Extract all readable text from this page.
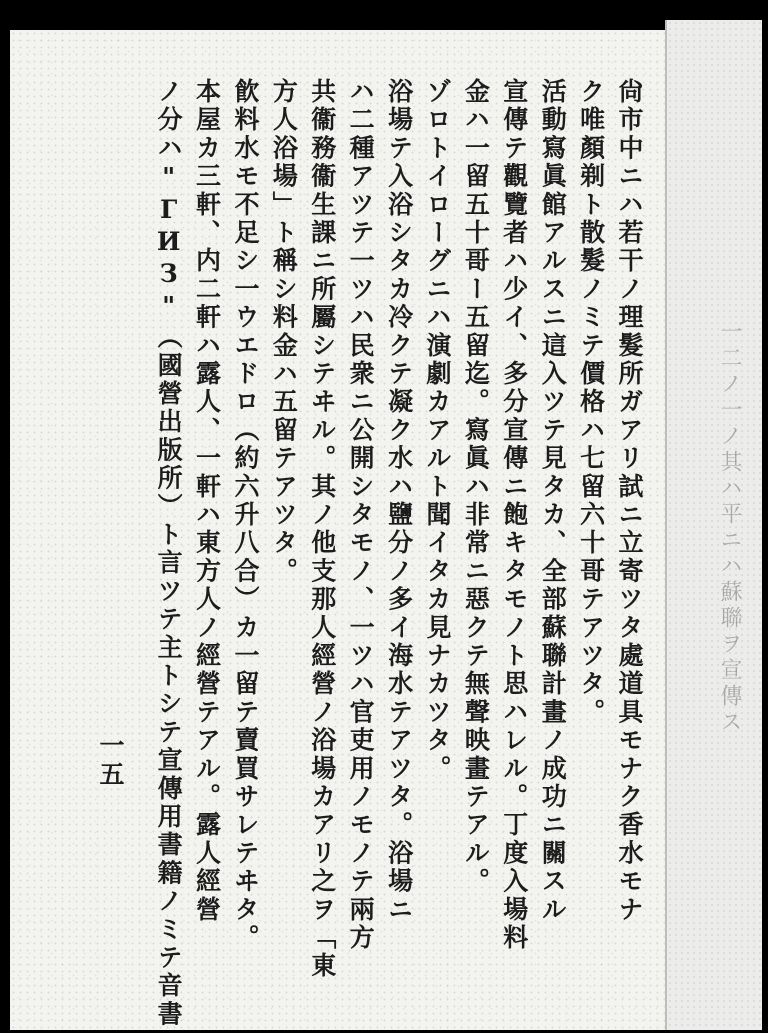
一二ノ一ノ其ハ平ニハ蘇聯ヲ宣傳ス
尙市中ニハ若干ノ理髮所ガアリ試ニ立寄ツタ處道具モナク香水モナ
ク唯顏剃ト散髮ノミテ價格ハ七留六十哥テアツタ。
活動寫眞館アルスニ這入ツテ見タカ、全部蘇聯計畫ノ成功ニ關スル
宣傳テ觀覽者ハ少イ、多分宣傳ニ飽キタモノト思ハレル。丁度入場料
金ハ一留五十哥ー五留迄。寫眞ハ非常ニ惡クテ無聲映畫テアル。
ゾロトイローグニハ演劇カアルト聞イタカ見ナカツタ。
浴場テ入浴シタカ冷クテ凝ク水ハ鹽分ノ多イ海水テアツタ。浴場ニ
ハ二種アツテ一ツハ民衆ニ公開シタモノ、一ツハ官吏用ノモノテ兩方
共衞務衞生課ニ所屬シテヰル。其ノ他支那人經營ノ浴場カアリ之ヲ「東
方人浴場」ト稱シ料金ハ五留テアツタ。
飮料水モ不足シ一ウエドロ（約六升八合）カ一留テ賣買サレテヰタ。
本屋カ三軒、内二軒ハ露人、一軒ハ東方人ノ經營テアル。露人經營
ノ分ハ"ГИЗ"（國營出版所）ト言ツテ主トシテ宣傳用書籍ノミテ音書
一五
